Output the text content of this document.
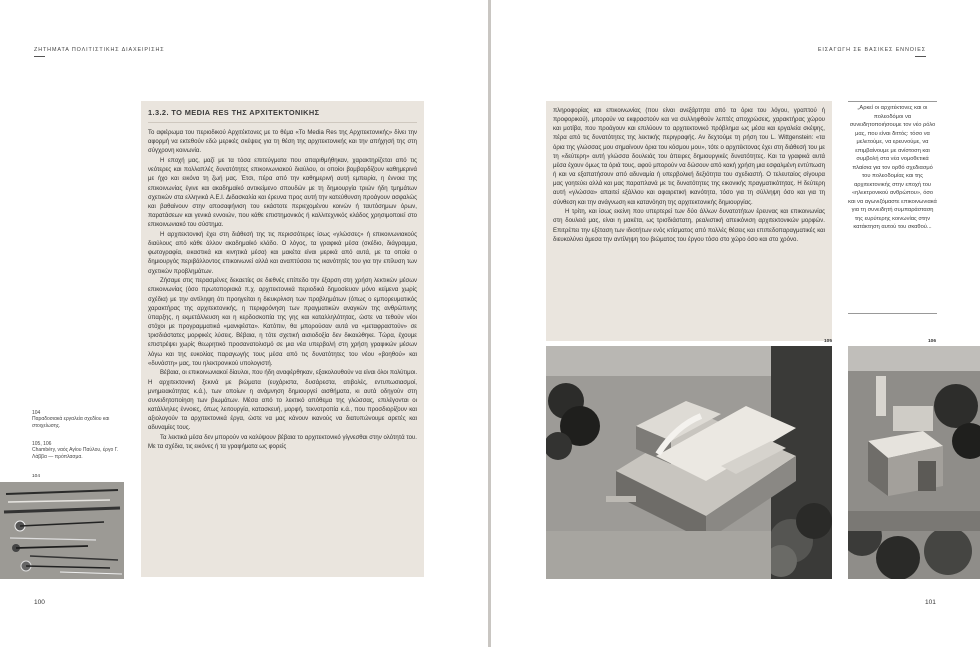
ΖΗΤΗΜΑΤΑ ΠΟΛΙΤΙΣΤΙΚΗΣ ΔΙΑΧΕΙΡΙΣΗΣ
1.3.2. ΤΟ MEDIA RES ΤΗΣ ΑΡΧΙΤΕΚΤΟΝΙΚΗΣ

Το αφιέρωμα του περιοδικού Αρχιτέκτονες με το θέμα «Το Media Res της Αρχιτεκτονικής» δίνει την αφορμή να εκτεθούν εδώ μερικές σκέψεις για τη θέση της αρχιτεκτονικής και την απήχησή της στη σύγχρονη κοινωνία.

Η εποχή μας, μαζί με τα τόσα επιτεύγματα που απαριθμήθηκαν, χαρακτηρίζεται από τις νεότερες και πολλαπλές δυνατότητες επικοινωνιακού διαύλου, οι οποίοι βομβαρδίζουν καθημερινά με ήχο και εικόνα τη ζωή μας. Έτσι, πέρα από την καθημερινή αυτή εμπειρία, η έννοια της επικοινωνίας έγινε και ακαδημαϊκό αντικείμενο σπουδών με τη δημιουργία τριών ήδη τμημάτων σχετικών στα ελληνικά Α.Ε.Ι. Διδασκαλία και έρευνα προς αυτή την κατεύθυνση προάγουν ασφαλώς και βαθαίνουν στην αποσαφήνιση του εκάστοτε περιεχομένου κοινών ή ταυτόσημων όρων, παρατάσεων και γενικά εννοιών, που κάθε επιστημονικός ή καλλιτεχνικός κλάδος χρησιμοποιεί στο επικοινωνιακό του σύστημα.

Η αρχιτεκτονική έχει στη διάθεσή της τις περισσότερες ίσως «γλώσσες» ή επικοινωνιακούς διαύλους από κάθε άλλον ακαδημαϊκό κλάδο. Ο λόγος, τα γραφικά μέσα (σκέδιο, διάγραμμα, φωτογραφία, εικαστικά και κινητικά μέσα) και μακέτα είναι μερικά από αυτά, με τα οποία ο δημιουργός περιβάλλοντος επικοινωνεί αλλά και αναπτύσσει τις ικανότητές του για την επίλυση των σχετικών προβλημάτων.

Ζήσαμε στις περασμένες δεκαετίες σε διεθνές επίπεδο την έξαρση στη χρήση λεκτικών μέσων επικοινωνίας (όσο πρωτοποριακά π.χ. αρχιτεκτονικά περιοδικά δημοσίευαν μόνο κείμενα χωρίς σχέδια) με την αντίληψη ότι προηγείται η διευκρίνιση των προβλημάτων (όπως ο εμπορευματικός χαρακτήρας της αρχιτεκτονικής, η περιφρόνηση των πραγματικών αναγκών της ανθρώπινης ύπαρξης, η εκμετάλλευση και η κερδοσκοπία της γης και καταλληλότητας, ώστε να τεθούν νέοι στόχοι με προγραμματικά «μανιφέστα». Κατόπιν, θα μπορούσαν αυτά να «μεταφραστούν» σε τρισδιάστατες μορφικές λύσεις. Βέβαια, η τότε σχετική αισιοδοξία δεν δικαιώθηκε. Τώρα, έχουμε επιστρέψει χωρίς θεωρητικό προσανατολισμό σε μια νέα υπερβολή στη χρήση γραφικών μέσων λόγω και της ευκολίας παραγωγής τους μέσα από τις δυνατότητες του νέου «βοηθού» και «δυνάστη» μας, του ηλεκτρονικού υπολογιστή.

Βέβαια, οι επικοινωνιακοί δίαυλοι, που ήδη αναφέρθηκαν, εξακολουθούν να είναι όλοι πολύτιμοι. Η αρχιτεκτονική ξεκινά με βιώματα (ευχάριστα, δυσάρεστα, ατιβολές, εντυπωσιασμοί, μνημειακότητας κ.ά.), των οποίων η ανάμνηση δημιουργεί αισθήματα, κι αυτά οδηγούν στη συνειδητοποίηση των βιωμάτων. Μέσα από το λεκτικό απόθεμα της γλώσσας, επιλέγονται οι κατάλληλες έννοιες, όπως λειτουργία, κατασκευή, μορφή, τεκνοτροπία κ.ά., που προσδιορίζουν και αξιολογούν τα αρχιτεκτονικά έργα, ώστε να μας κάνουν ικανούς να διατυπώνουμε αρετές και αδυναμίες τους.

Τα λεκτικά μέσα δεν μπορούν να καλύψουν βέβαια το αρχιτεκτονικό γίγνεσθαι στην ολότητά του. Με τα σχέδια, τις εικόνες ή τα γραφήματα ως φορείς

104
Παραδοσιακά εργαλεία σχεδίου και στοιχείωσης.
105, 106
Chambéry, ναός Αγίου Παύλου, έργο Γ. Λάββα — πρόπλασμα.
104
100
ΕΙΣΑΓΩΓΗ ΣΕ ΒΑΣΙΚΕΣ ΕΝΝΟΙΕΣ

πληροφορίας και επικοινωνίας (που είναι ανεξάρτητα από τα όρια του λόγου, γραπτού ή προφορικού), μπορούν να εκφραστούν και να συλληφθούν λεπτές αποχρώσεις, χαρακτήρας χώρου και μοτίβα, που προάγουν και επιλύουν το αρχιτεκτονικό πρόβλημα ως μέσα και εργαλεία σκέψης, πέρα από τις δυνατότητες της λεκτικής περιγραφής. Αν δεχτούμε τη ρήση του L. Wittgenstein: «τα όρια της γλώσσας μου σημαίνουν όρια του κόσμου μου», τότε ο αρχιτέκτονας έχει στη διάθεσή του με τη «δεύτερη» αυτή γλώσσα δουλειάς του άπειρες δημιουργικές δυνατότητες. Και τα γραφικά αυτά μέσα έχουν όμως τα όριά τους, αφού μπορούν να δώσουν από κακή χρήση μια εσφαλμένη εντύπωση ή και να εξαπατήσουν από αδυναμία ή υπερβολική δεξιότητα του σχεδιαστή. Ο τελευταίος σίγουρα μας γοητεύει αλλά και μας παραπλανά με τις δυνατότητες της εικονικής πραγματικότητας. Η δεύτερη αυτή «γλώσσα» απαιτεί εξάλλου και αφαιρετική ικανότητα, τόσο για τη σύλληψη όσο και για τη σύνθεση και την ανάγνωση και κατανόηση της αρχιτεκτονικής δημιουργίας.

Η τρίτη, και ίσως εκείνη που υπερτερεί των δύο άλλων δυνατοτήτων έρευνας και επικοινωνίας στη δουλειά μας, είναι η μακέτα, ως τρισδιάστατη, ρεαλιστική απεικόνιση αρχιτεκτονικών μορφών. Επιτρέπει την εξέταση των ιδιοτήτων ενός κτίσματος από πολλές θέσεις και επιπεδοπαραγματικές και διευκολύνει άμεσα την αντίληψη του βιώματος του έργου τόσο στο χώρο όσο και στο χρόνο.

„Αρκεί οι αρχιτέκτονες και οι πολεοδόμοι να συνειδητοποιήσουμε τον νέο ρόλο μας, που είναι διττός: τόσο να μελετούμε, να ερευνούμε, να επιμβαίνουμε με ανίστοση και συμβολή στα νέα νομοθετικά πλαίσια για τον ορθό σχεδιασμό του πολεοδομίας και της αρχιτεκτονικής στην εποχή του «ηλεκτρονικού ανθρώπου», όσο και να αγωνιζόμαστε επικοινωνιακά για τη συνειδητή συμπαράσταση της ευρύτερης κοινωνίας στην κατάκτηση αυτού του σκαθού...
105	106
101
